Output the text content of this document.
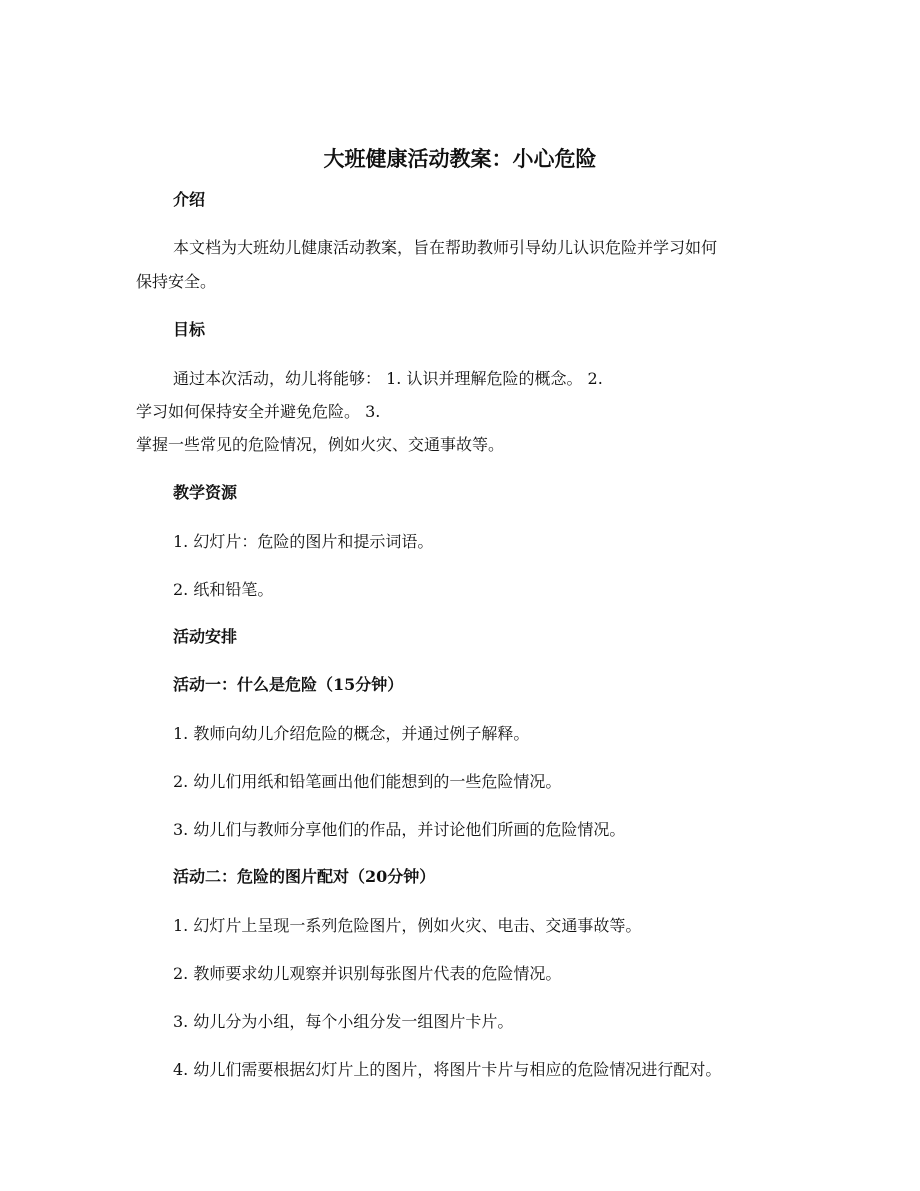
大班健康活动教案：小心危险
介绍
本文档为大班幼儿健康活动教案，旨在帮助教师引导幼儿认识危险并学习如何
保持安全。
目标
通过本次活动，幼儿将能够： 1. 认识并理解危险的概念。 2.
学习如何保持安全并避免危险。 3.
掌握一些常见的危险情况，例如火灾、交通事故等。
教学资源
1. 幻灯片：危险的图片和提示词语。
2. 纸和铅笔。
活动安排
活动一：什么是危险（15分钟）
1. 教师向幼儿介绍危险的概念，并通过例子解释。
2. 幼儿们用纸和铅笔画出他们能想到的一些危险情况。
3. 幼儿们与教师分享他们的作品，并讨论他们所画的危险情况。
活动二：危险的图片配对（20分钟）
1. 幻灯片上呈现一系列危险图片，例如火灾、电击、交通事故等。
2. 教师要求幼儿观察并识别每张图片代表的危险情况。
3. 幼儿分为小组，每个小组分发一组图片卡片。
4. 幼儿们需要根据幻灯片上的图片，将图片卡片与相应的危险情况进行配对。
